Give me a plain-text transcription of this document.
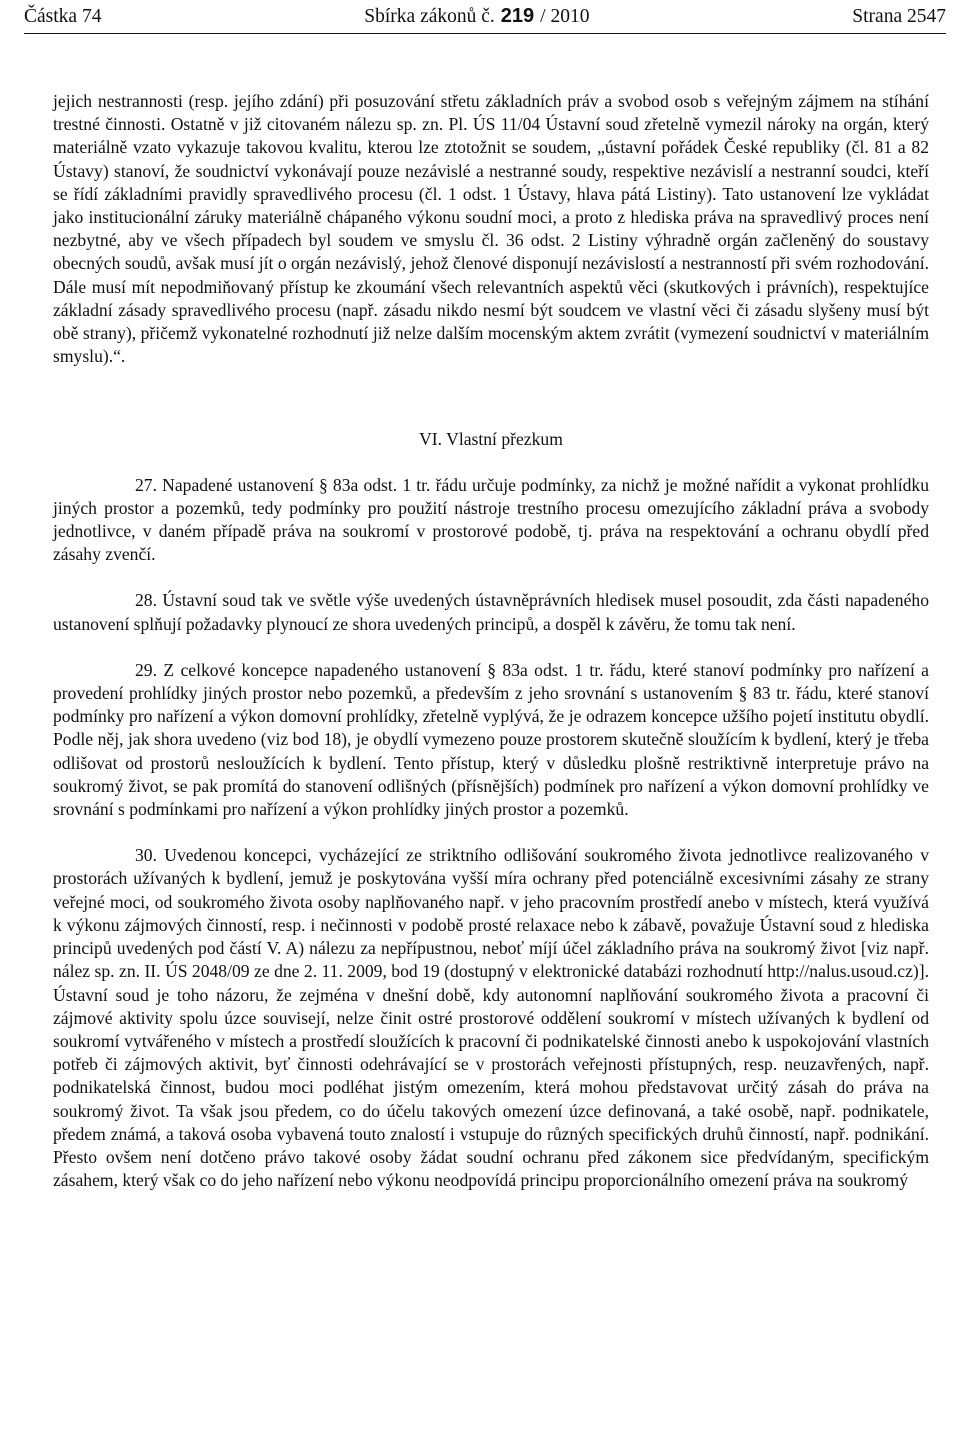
Částka 74	Sbírka zákonů č. 219 / 2010	Strana 2547

jejich nestrannosti (resp. jejího zdání) při posuzování střetu základních práv a svobod osob s veřejným zájmem na stíhání trestné činnosti. Ostatně v již citovaném nálezu sp. zn. Pl. ÚS 11/04 Ústavní soud zřetelně vymezil nároky na orgán, který materiálně vzato vykazuje takovou kvalitu, kterou lze ztotožnit se soudem, „ústavní pořádek České republiky (čl. 81 a 82 Ústavy) stanoví, že soudnictví vykonávají pouze nezávislé a nestranné soudy, respektive nezávislí a nestranní soudci, kteří se řídí základními pravidly spravedlivého procesu (čl. 1 odst. 1 Ústavy, hlava pátá Listiny). Tato ustanovení lze vykládat jako institucionální záruky materiálně chápaného výkonu soudní moci, a proto z hlediska práva na spravedlivý proces není nezbytné, aby ve všech případech byl soudem ve smyslu čl. 36 odst. 2 Listiny výhradně orgán začleněný do soustavy obecných soudů, avšak musí jít o orgán nezávislý, jehož členové disponují nezávislostí a nestranností při svém rozhodování. Dále musí mít nepodmiňovaný přístup ke zkoumání všech relevantních aspektů věci (skutkových i právních), respektujíce základní zásady spravedlivého procesu (např. zásadu nikdo nesmí být soudcem ve vlastní věci či zásadu slyšeny musí být obě strany), přičemž vykonatelné rozhodnutí již nelze dalším mocenským aktem zvrátit (vymezení soudnictví v materiálním smyslu).“.

VI. Vlastní přezkum

27. Napadené ustanovení § 83a odst. 1 tr. řádu určuje podmínky, za nichž je možné nařídit a vykonat prohlídku jiných prostor a pozemků, tedy podmínky pro použití nástroje trestního procesu omezujícího základní práva a svobody jednotlivce, v daném případě práva na soukromí v prostorové podobě, tj. práva na respektování a ochranu obydlí před zásahy zvenčí.

28. Ústavní soud tak ve světle výše uvedených ústavněprávních hledisek musel posoudit, zda části napadeného ustanovení splňují požadavky plynoucí ze shora uvedených principů, a dospěl k závěru, že tomu tak není.

29. Z celkové koncepce napadeného ustanovení § 83a odst. 1 tr. řádu, které stanoví podmínky pro nařízení a provedení prohlídky jiných prostor nebo pozemků, a především z jeho srovnání s ustanovením § 83 tr. řádu, které stanoví podmínky pro nařízení a výkon domovní prohlídky, zřetelně vyplývá, že je odrazem koncepce užšího pojetí institutu obydlí. Podle něj, jak shora uvedeno (viz bod 18), je obydlí vymezeno pouze prostorem skutečně sloužícím k bydlení, který je třeba odlišovat od prostorů nesloužících k bydlení. Tento přístup, který v důsledku plošně restriktivně interpretuje právo na soukromý život, se pak promítá do stanovení odlišných (přísnějších) podmínek pro nařízení a výkon domovní prohlídky ve srovnání s podmínkami pro nařízení a výkon prohlídky jiných prostor a pozemků.

30. Uvedenou koncepci, vycházející ze striktního odlišování soukromého života jednotlivce realizovaného v prostorách užívaných k bydlení, jemuž je poskytována vyšší míra ochrany před potenciálně excesivními zásahy ze strany veřejné moci, od soukromého života osoby naplňovaného např. v jeho pracovním prostředí anebo v místech, která využívá k výkonu zájmových činností, resp. i nečinnosti v podobě prosté relaxace nebo k zábavě, považuje Ústavní soud z hlediska principů uvedených pod částí V. A) nálezu za nepřípustnou, neboť míjí účel základního práva na soukromý život [viz např. nález sp. zn. II. ÚS 2048/09 ze dne 2. 11. 2009, bod 19 (dostupný v elektronické databázi rozhodnutí http://nalus.usoud.cz)]. Ústavní soud je toho názoru, že zejména v dnešní době, kdy autonomní naplňování soukromého života a pracovní či zájmové aktivity spolu úzce souvisejí, nelze činit ostré prostorové oddělení soukromí v místech užívaných k bydlení od soukromí vytvářeného v místech a prostředí sloužících k pracovní či podnikatelské činnosti anebo k uspokojování vlastních potřeb či zájmových aktivit, byť činnosti odehrávající se v prostorách veřejnosti přístupných, resp. neuzavřených, např. podnikatelská činnost, budou moci podléhat jistým omezením, která mohou představovat určitý zásah do práva na soukromý život. Ta však jsou předem, co do účelu takových omezení úzce definovaná, a také osobě, např. podnikatele, předem známá, a taková osoba vybavená touto znalostí i vstupuje do různých specifických druhů činností, např. podnikání. Přesto ovšem není dotčeno právo takové osoby žádat soudní ochranu před zákonem sice předvídaným, specifickým zásahem, který však co do jeho nařízení nebo výkonu neodpovídá principu proporcionálního omezení práva na soukromý
